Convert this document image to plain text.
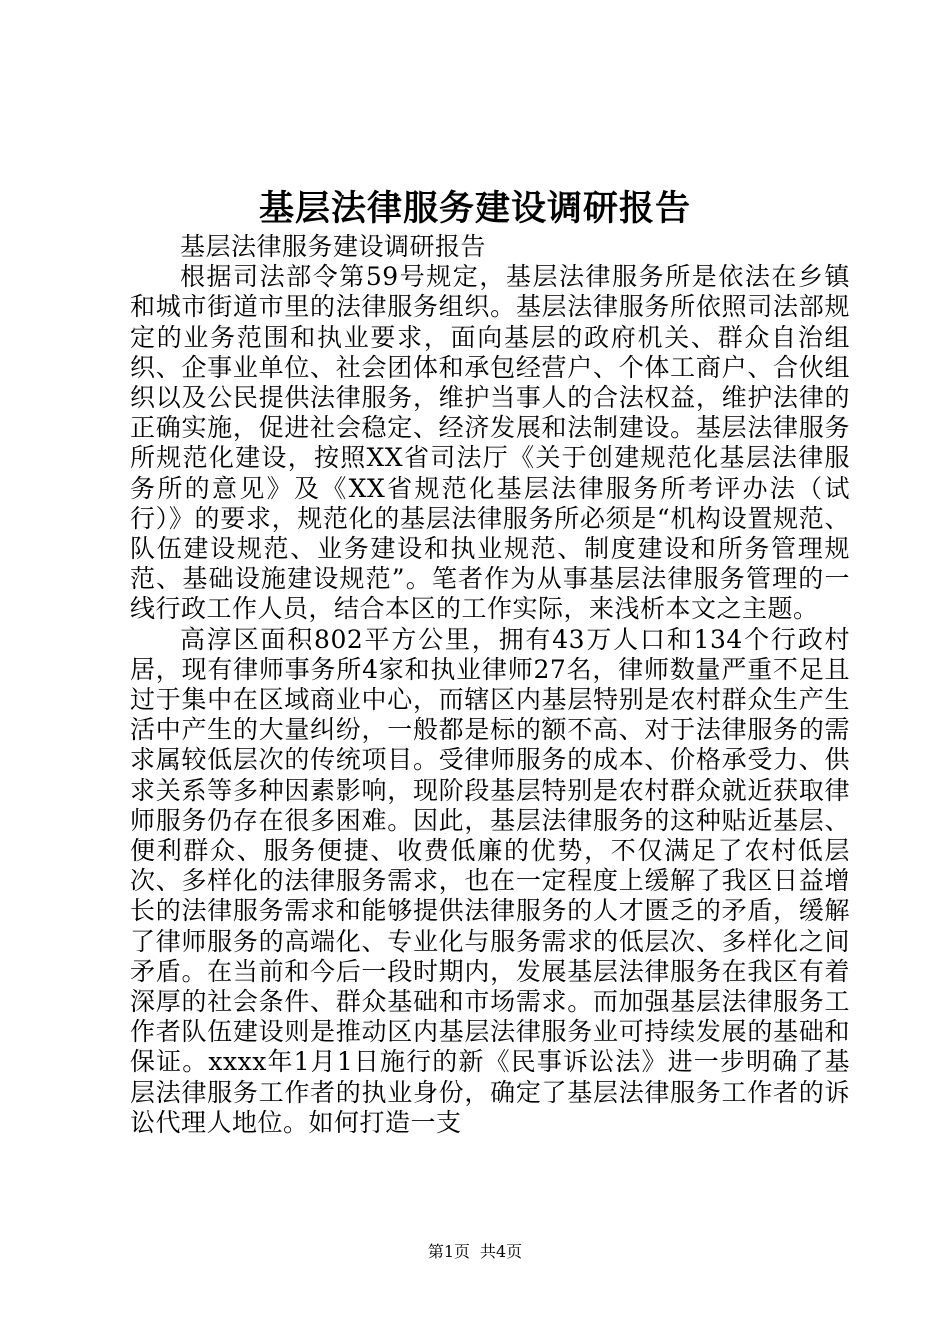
基层法律服务建设调研报告

基层法律服务建设调研报告

根据司法部令第59号规定，基层法律服务所是依法在乡镇和城市街道市里的法律服务组织。基层法律服务所依照司法部规定的业务范围和执业要求，面向基层的政府机关、群众自治组织、企事业单位、社会团体和承包经营户、个体工商户、合伙组织以及公民提供法律服务，维护当事人的合法权益，维护法律的正确实施，促进社会稳定、经济发展和法制建设。基层法律服务所规范化建设，按照XX省司法厅《关于创建规范化基层法律服务所的意见》及《XX省规范化基层法律服务所考评办法（试行）》的要求，规范化的基层法律服务所必须是“机构设置规范、队伍建设规范、业务建设和执业规范、制度建设和所务管理规范、基础设施建设规范”。笔者作为从事基层法律服务管理的一线行政工作人员，结合本区的工作实际，来浅析本文之主题。

高淳区面积802平方公里，拥有43万人口和134个行政村居，现有律师事务所4家和执业律师27名，律师数量严重不足且过于集中在区域商业中心，而辖区内基层特别是农村群众生产生活中产生的大量纠纷，一般都是标的额不高、对于法律服务的需求属较低层次的传统项目。受律师服务的成本、价格承受力、供求关系等多种因素影响，现阶段基层特别是农村群众就近获取律师服务仍存在很多困难。因此，基层法律服务的这种贴近基层、便利群众、服务便捷、收费低廉的优势，不仅满足了农村低层次、多样化的法律服务需求，也在一定程度上缓解了我区日益增长的法律服务需求和能够提供法律服务的人才匮乏的矛盾，缓解了律师服务的高端化、专业化与服务需求的低层次、多样化之间矛盾。在当前和今后一段时期内，发展基层法律服务在我区有着深厚的社会条件、群众基础和市场需求。而加强基层法律服务工作者队伍建设则是推动区内基层法律服务业可持续发展的基础和保证。xxxx年1月1日施行的新《民事诉讼法》进一步明确了基层法律服务工作者的执业身份，确定了基层法律服务工作者的诉讼代理人地位。如何打造一支

第1页 共4页
